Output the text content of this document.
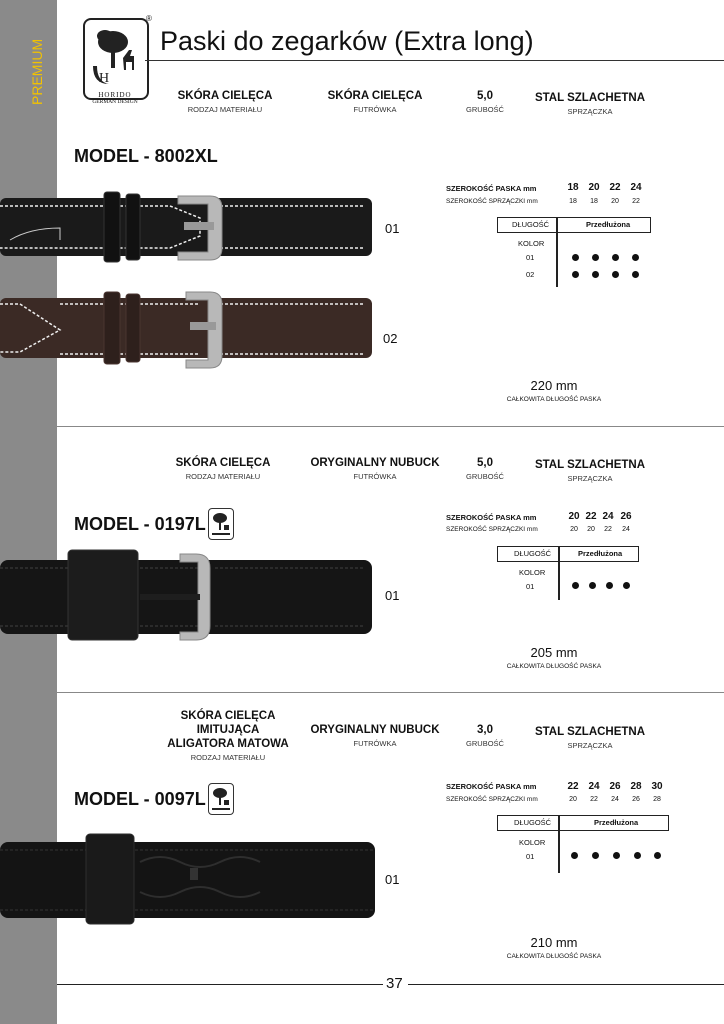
PREMIUM	H
HORIDO
GERMAN DESIGN
®
Paski do zegarków (Extra long)
SKÓRA CIELĘCA
RODZAJ MATERIAŁU
SKÓRA CIELĘCA
FUTRÓWKA
5,0
GRUBOŚĆ
STAL SZLACHETNA
SPRZĄCZKA
MODEL - 8002XL
01
02
SZEROKOŚĆ PASKA mm
SZEROKOŚĆ SPRZĄCZKI mm
18 20 22 24
18	18	20	22
DŁUGOŚĆ	Przedłużona
KOLOR
01
02
220 mm
CAŁKOWITA DŁUGOŚĆ PASKA
SKÓRA CIELĘCA
RODZAJ MATERIAŁU
ORYGINALNY NUBUCK
FUTRÓWKA
5,0
GRUBOŚĆ
STAL SZLACHETNA
SPRZĄCZKA
MODEL - 0197L
01
SZEROKOŚĆ PASKA mm
SZEROKOŚĆ SPRZĄCZKI mm
20 22 24 26
20	20	22	24
DŁUGOŚĆ	Przedłużona
KOLOR
01
205 mm
CAŁKOWITA DŁUGOŚĆ PASKA
SKÓRA CIELĘCA IMITUJĄCA
ALIGATORA MATOWA
RODZAJ MATERIAŁU
ORYGINALNY NUBUCK
FUTRÓWKA
3,0
GRUBOŚĆ
STAL SZLACHETNA
SPRZĄCZKA
MODEL - 0097L
01
SZEROKOŚĆ PASKA mm
SZEROKOŚĆ SPRZĄCZKI mm
22 24 26 28 30
20	22	24	26	28
DŁUGOŚĆ	Przedłużona
KOLOR
01
210 mm
CAŁKOWITA DŁUGOŚĆ PASKA
37
